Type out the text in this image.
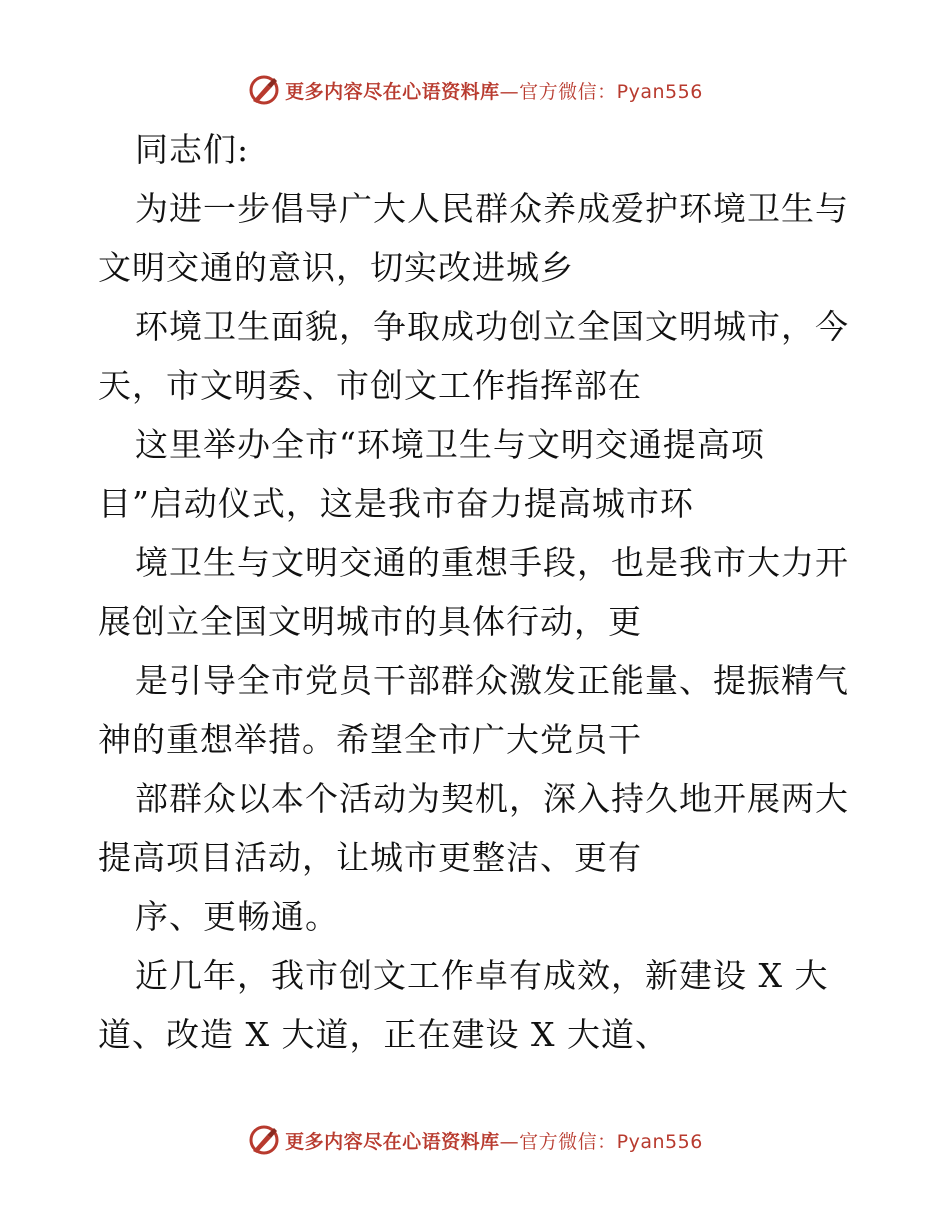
更多内容尽在心语资料库—官方微信：Pyan556
同志们:
为进一步倡导广大人民群众养成爱护环境卫生与
文明交通的意识，切实改进城乡
环境卫生面貌，争取成功创立全国文明城市，今
天，市文明委、市创文工作指挥部在
这里举办全市“环境卫生与文明交通提高项
目”启动仪式，这是我市奋力提高城市环
境卫生与文明交通的重想手段，也是我市大力开
展创立全国文明城市的具体行动，更
是引导全市党员干部群众激发正能量、提振精气
神的重想举措。希望全市广大党员干
部群众以本个活动为契机，深入持久地开展两大
提高项目活动，让城市更整洁、更有
序、更畅通。
近几年，我市创文工作卓有成效，新建设 X 大
道、改造 X 大道，正在建设 X 大道、
更多内容尽在心语资料库—官方微信：Pyan556
